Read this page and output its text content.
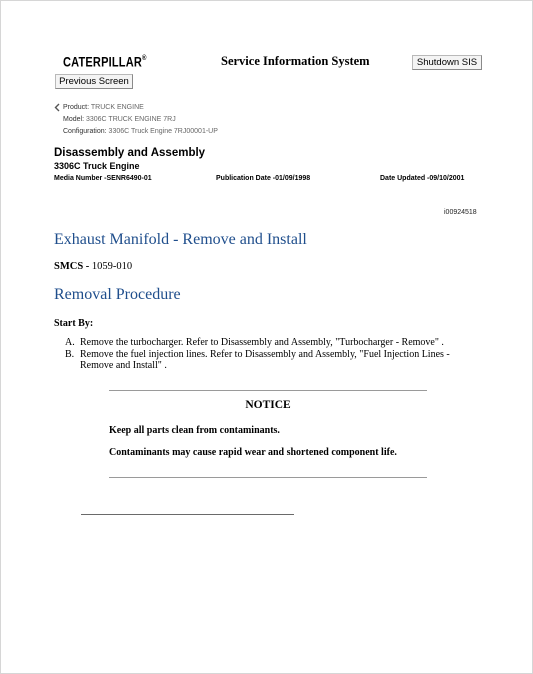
CATERPILLAR®	Service Information System	Shutdown SIS
Previous Screen
Product: TRUCK ENGINE
Model: 3306C TRUCK ENGINE 7RJ
Configuration: 3306C Truck Engine 7RJ00001-UP
Disassembly and Assembly
3306C Truck Engine
Media Number -SENR6490-01	Publication Date -01/09/1998	Date Updated -09/10/2001
i00924518
Exhaust Manifold - Remove and Install
SMCS - 1059-010
Removal Procedure
Start By:
A. Remove the turbocharger. Refer to Disassembly and Assembly, "Turbocharger - Remove" .
B. Remove the fuel injection lines. Refer to Disassembly and Assembly, "Fuel Injection Lines - Remove and Install" .
NOTICE
Keep all parts clean from contaminants.
Contaminants may cause rapid wear and shortened component life.
